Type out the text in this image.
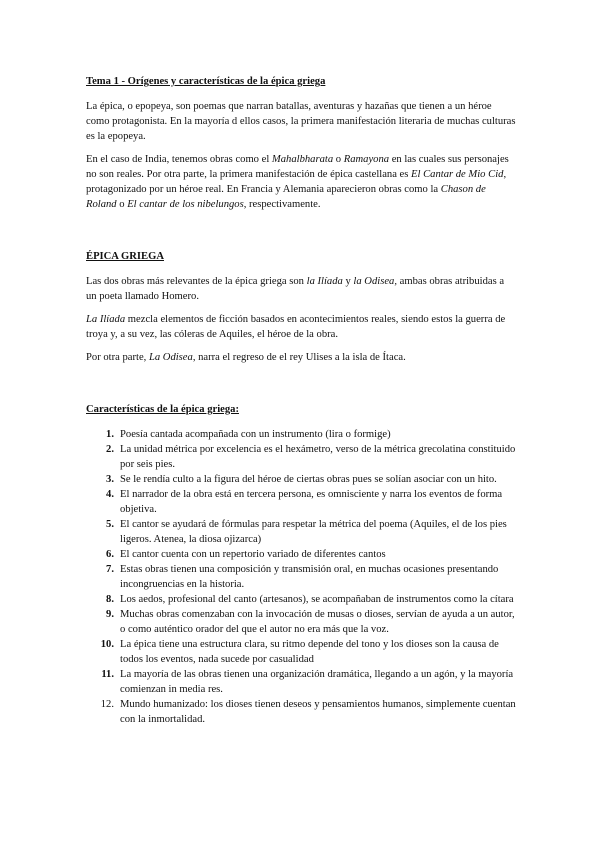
Tema 1 - Orígenes y características de la épica griega

La épica, o epopeya, son poemas que narran batallas, aventuras y hazañas que tienen a un héroe como protagonista. En la mayoría d ellos casos, la primera manifestación literaria de muchas culturas es la epopeya.

En el caso de India, tenemos obras como el Mahalbharata o Ramayona en las cuales sus personajes no son reales. Por otra parte, la primera manifestación de épica castellana es El Cantar de Mio Cid, protagonizado por un héroe real. En Francia y Alemania aparecieron obras como la Chason de Roland o El cantar de los nibelungos, respectivamente.

ÉPICA GRIEGA

Las dos obras más relevantes de la épica griega son la Ilíada y la Odisea, ambas obras atribuidas a un poeta llamado Homero.

La Ilíada mezcla elementos de ficción basados en acontecimientos reales, siendo estos la guerra de troya y, a su vez, las cóleras de Aquiles, el héroe de la obra.

Por otra parte, La Odisea, narra el regreso de el rey Ulises a la isla de Ítaca.

Características de la épica griega:
1. Poesía cantada acompañada con un instrumento (lira o formige)
2. La unidad métrica por excelencia es el hexámetro, verso de la métrica grecolatina constituido por seis pies.
3. Se le rendía culto a la figura del héroe de ciertas obras pues se solían asociar con un hito.
4. El narrador de la obra está en tercera persona, es omnisciente y narra los eventos de forma objetiva.
5. El cantor se ayudará de fórmulas para respetar la métrica del poema (Aquiles, el de los pies ligeros. Atenea, la diosa ojizarca)
6. El cantor cuenta con un repertorio variado de diferentes cantos
7. Estas obras tienen una composición y transmisión oral, en muchas ocasiones presentando incongruencias en la historia.
8. Los aedos, profesional del canto (artesanos), se acompañaban de instrumentos como la cítara
9. Muchas obras comenzaban con la invocación de musas o dioses, servían de ayuda a un autor, o como auténtico orador del que el autor no era más que la voz.
10. La épica tiene una estructura clara, su ritmo depende del tono y los dioses son la causa de todos los eventos, nada sucede por casualidad
11. La mayoría de las obras tienen una organización dramática, llegando a un agón, y la mayoría comienzan in media res.
12. Mundo humanizado: los dioses tienen deseos y pensamientos humanos, simplemente cuentan con la inmortalidad.
